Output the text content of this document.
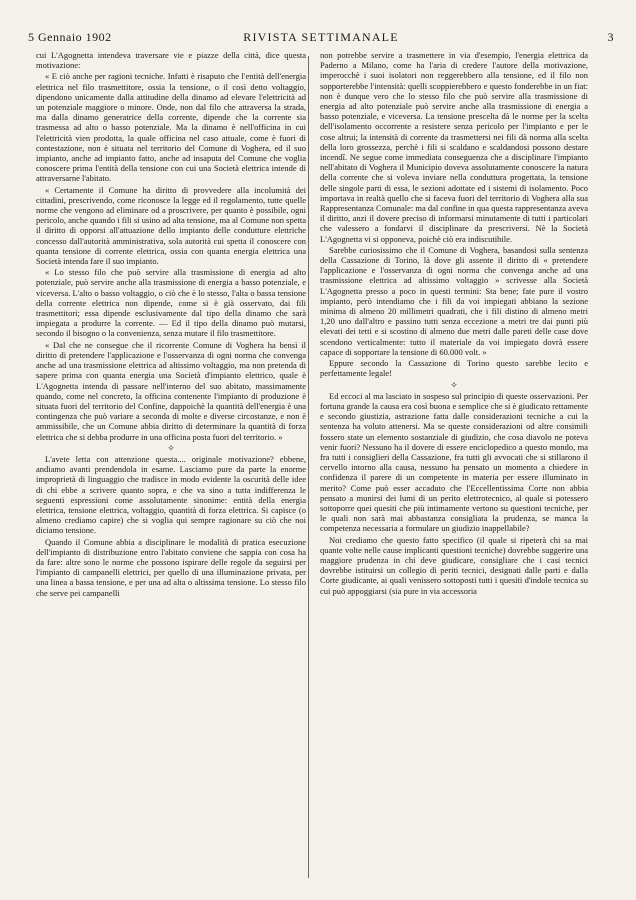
5 Gennaio 1902	RIVISTA SETTIMANALE	3

cui L'Agognetta intendeva traversare vie e piazze della città, dice questa motivazione:

« E ciò anche per ragioni tecniche. Infatti è risaputo che l'entità dell'energia elettrica nel filo trasmettitore, ossia la tensione, o il così detto voltaggio, dipendono unicamente dalla attitudine della dinamo ad elevare l'elettricità ad un potenziale maggiore o minore. Onde, non dal filo che attraversa la strada, ma dalla dinamo generatrice della corrente, dipende che la corrente sia trasmessa ad alto o basso potenziale. Ma la dinamo è nell'officina in cui l'elettricità vien prodotta, la quale officina nel caso attuale, come è fuori di contestazione, non è situata nel territorio del Comune di Voghera, ed il suo impianto, anche ad impianto fatto, anche ad insaputa del Comune che voglia conoscere prima l'entità della tensione con cui una Società elettrica intende di attraversarne l'abitato.

« Certamente il Comune ha diritto di provvedere alla incolumità dei cittadini, prescrivendo, come riconosce la legge ed il regolamento, tutte quelle norme che vengono ad eliminare od a proscrivere, per quanto è possibile, ogni pericolo, anche quando i fili si usino ad alta tensione, ma al Comune non spetta il diritto di opporsi all'attuazione dello impianto delle condutture elettriche concesso dall'autorità amministrativa, sola autorità cui spetta il conoscere con quanta tensione di corrente elettrica, ossia con quanta energia elettrica una Società intenda fare il suo impianto.

« Lo stesso filo che può servire alla trasmissione di energia ad alto potenziale, può servire anche alla trasmissione di energia a basso potenziale, e viceversa. L'alto o basso voltaggio, o ciò che è lo stesso, l'alta o bassa tensione della corrente elettrica non dipende, come si è già osservato, dai fili trasmettitori; essa dipende esclusivamente dal tipo della dinamo che sarà impiegata a produrre la corrente. — Ed il tipo della dinamo può mutarsi, secondo il bisogno o la convenienza, senza mutare il filo trasmettitore.

« Dal che ne consegue che il ricorrente Comune di Voghera ha bensì il diritto di pretendere l'applicazione e l'osservanza di ogni norma che convenga anche ad una trasmissione elettrica ad altissimo voltaggio, ma non pretenda di sapere prima con quanta energia una Società d'impianto elettrico, quale è L'Agognetta intenda di passare nell'interno del suo abitato, massimamente quando, come nel concreto, la officina contenente l'impianto di produzione è situata fuori del territorio del Confine, dappoichè la quantità dell'energia è una contingenza che può variare a seconda di molte e diverse circostanze, e non è ammissibile, che un Comune abbia diritto di determinare la quantità di forza elettrica che si debba produrre in una officina posta fuori del territorio. »

✧

L'avete letta con attenzione questa.... originale motivazione? ebbene, andiamo avanti prendendola in esame. Lasciamo pure da parte la enorme improprietà di linguaggio che tradisce in modo evidente la oscurità delle idee di chi ebbe a scrivere quanto sopra, e che va sino a tutta indifferenza le seguenti espressioni come assolutamente sinonime: entità della energia elettrica, tensione elettrica, voltaggio, quantità di forza elettrica. Si capisce (o almeno crediamo capire) che si voglia qui sempre ragionare su ciò che noi diciamo tensione.

Quando il Comune abbia a disciplinare le modalità di pratica esecuzione dell'impianto di distribuzione entro l'abitato conviene che sappia con cosa ha da fare: altre sono le norme che possono ispirare delle regole da seguirsi per l'impianto di campanelli elettrici, per quello di una illuminazione privata, per una linea a bassa tensione, e per una ad alta o altissima tensione. Lo stesso filo che serve pei campanelli

non potrebbe servire a trasmettere in via d'esempio, l'energia elettrica da Paderno a Milano, come ha l'aria di credere l'autore della motivazione, imperocchè i suoi isolatori non reggerebbero alla tensione, ed il filo non sopporterebbe l'intensità: quelli scoppierebbero e questo fonderebbe in un fiat: non è dunque vero che lo stesso filo che può servire alla trasmissione di energia ad alto potenziale può servire anche alla trasmissione di energia a basso potenziale, e viceversa. La tensione prescelta dà le norme per la scelta dell'isolamento occorrente a resistere senza pericolo per l'impianto e per le cose altrui; la intensità di corrente da trasmettersi nei fili dà norma alla scelta della loro grossezza, perchè i fili si scaldano e scaldandosi possono destare incendî. Ne segue come immediata conseguenza che a disciplinare l'impianto nell'abitato di Voghera il Municipio doveva assolutamente conoscere la natura della corrente che si voleva inviare nella conduttura progettata, la tensione delle singole parti di essa, le sezioni adottate ed i sistemi di isolamento. Poco importava in realtà quello che si faceva fuori del territorio di Voghera alla sua Rappresentanza Comunale: ma dal confine in qua questa rappresentanza aveva il diritto, anzi il dovere preciso di informarsi minutamente di tutti i particolari che valessero a fondarvi il disciplinare da prescriversi. Nè la Società L'Agognetta vi si opponeva, poichè ciò era indiscutibile.

Sarebbe curiosissimo che il Comune di Voghera, basandosi sulla sentenza della Cassazione di Torino, là dove gli assente il diritto di « pretendere l'applicazione e l'osservanza di ogni norma che convenga anche ad una trasmissione elettrica ad altissimo voltaggio » scrivesse alla Società L'Agognetta presso a poco in questi termini: Sta bene; fate pure il vostro impianto, però intendiamo che i fili da voi impiegati abbiano la sezione minima di almeno 20 millimetri quadrati, che i fili distino di almeno metri 1,20 uno dall'altro e passino tutti senza eccezione a metri tre dai punti più elevati dei tetti e si scostino di almeno due metri dalle pareti delle case dove scendono verticalmente: tutto il materiale da voi impiegato dovrà essere capace di sopportare la tensione di 60.000 volt. »

Eppure secondo la Cassazione di Torino questo sarebbe lecito e perfettamente legale!

✧

Ed eccoci al ma lasciato in sospeso sul principio di queste osservazioni. Per fortuna grande la causa era così buona e semplice che si è giudicato rettamente e secondo giustizia, astrazione fatta dalle considerazioni tecniche a cui la sentenza ha voluto attenersi. Ma se queste considerazioni od altre consimili fossero state un elemento sostanziale di giudizio, che cosa diavolo ne poteva venir fuori? Nessuno ha il dovere di essere enciclopedico a questo mondo, ma fra tutti i consiglieri della Cassazione, fra tutti gli avvocati che si stillarono il cervello intorno alla causa, nessuno ha pensato un momento a chiedere in confidenza il parere di un competente in materia per essere illuminato in merito? Come può esser accaduto che l'Eccellentissima Corte non abbia pensato a munirsi dei lumi di un perito elettrotecnico, al quale si potessero sottoporre quei quesiti che più intimamente vertono su questioni tecniche, per le quali non sarà mai abbastanza consigliata la prudenza, se manca la competenza necessaria a formulare un giudizio inappellabile?

Noi crediamo che questo fatto specifico (il quale si ripeterà chi sa mai quante volte nelle cause implicanti questioni tecniche) dovrebbe suggerire una maggiore prudenza in chi deve giudicare, consigliare che i casi tecnici dovrebbe istituirsi un collegio di periti tecnici, designati dalle parti e dalla Corte giudicante, ai quali venissero sottoposti tutti i quesiti d'indole tecnica su cui può appoggiarsi (sia pure in via accessoria
